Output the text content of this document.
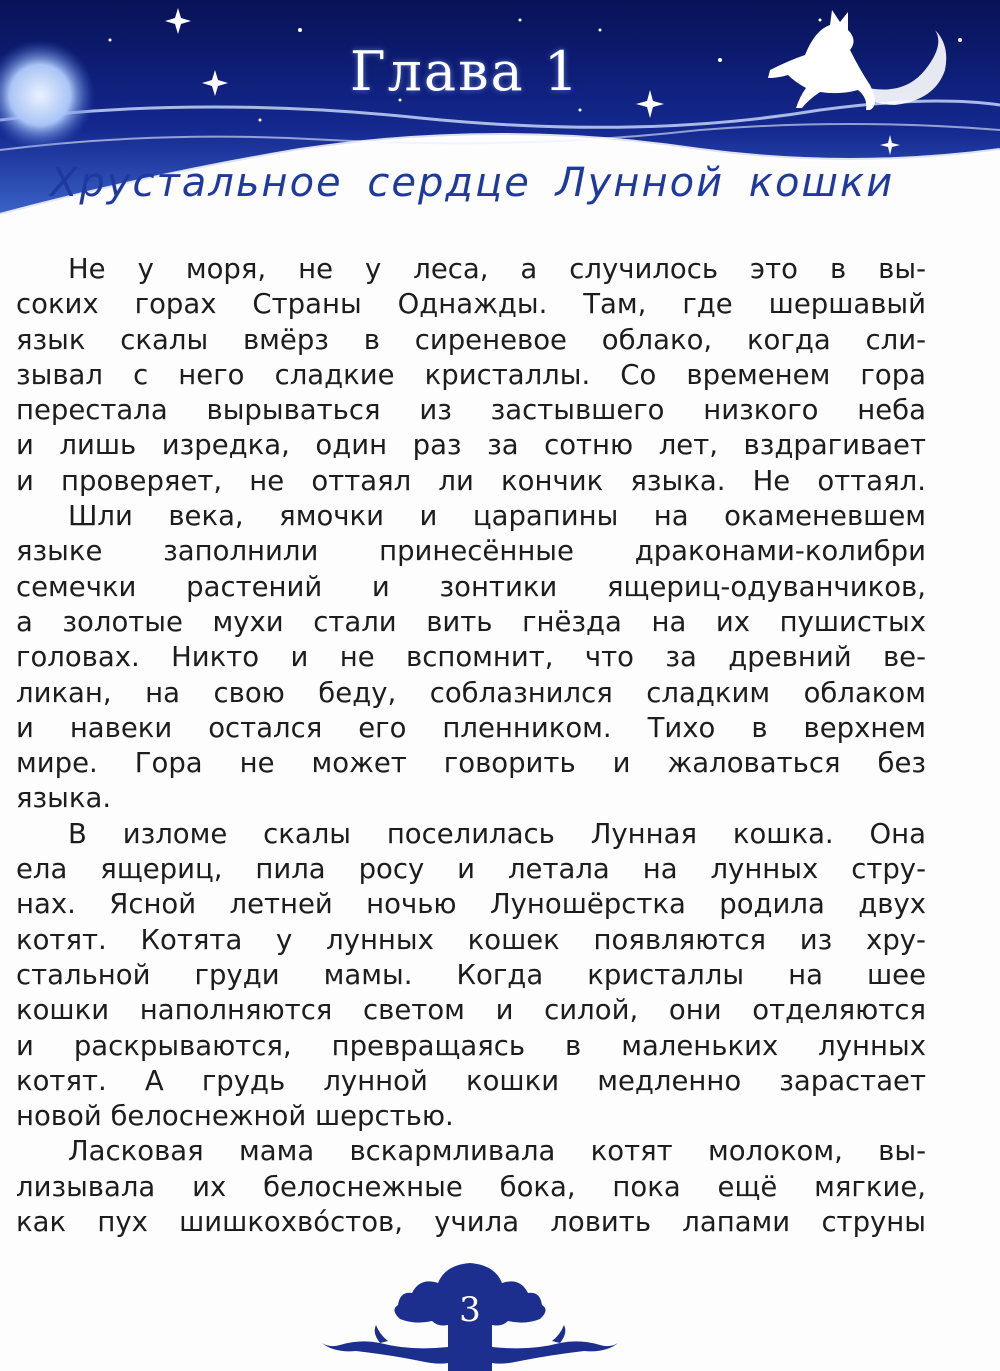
Глава 1
Хрустальное сердце Лунной кошки
Не у моря, не у леса, а случилось это в вы-
соких горах Страны Однажды. Там, где шершавый
язык скалы вмёрз в сиреневое облако, когда сли-
зывал с него сладкие кристаллы. Со временем гора
перестала вырываться из застывшего низкого неба
и лишь изредка, один раз за сотню лет, вздрагивает
и проверяет, не оттаял ли кончик языка. Не оттаял.
Шли века, ямочки и царапины на окаменевшем
языке заполнили принесённые драконами-колибри
семечки растений и зонтики ящериц-одуванчиков,
а золотые мухи стали вить гнёзда на их пушистых
головах. Никто и не вспомнит, что за древний ве-
ликан, на свою беду, соблазнился сладким облаком
и навеки остался его пленником. Тихо в верхнем
мире. Гора не может говорить и жаловаться без
языка.
В изломе скалы поселилась Лунная кошка. Она
ела ящериц, пила росу и летала на лунных стру-
нах. Ясной летней ночью Лунoшёрстка родила двух
котят. Котята у лунных кошек появляются из хру-
стальной груди мамы. Когда кристаллы на шее
кошки наполняются светом и силой, они отделяются
и раскрываются, превращаясь в маленьких лунных
котят. А грудь лунной кошки медленно зарастает
новой белоснежной шерстью.
Ласковая мама вскармливала котят молоком, вы-
лизывала их белоснежные бока, пока ещё мягкие,
как пух шишкохвóстов, учила ловить лапами струны
3
